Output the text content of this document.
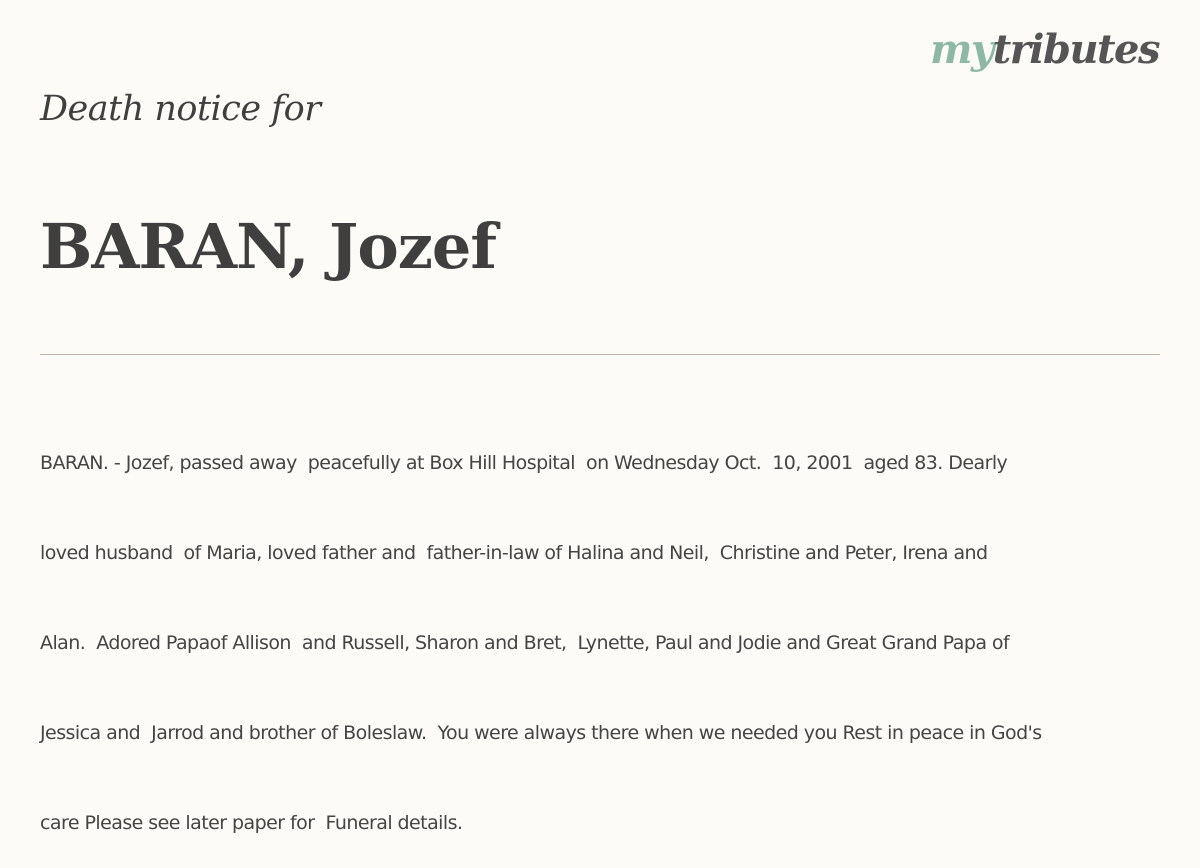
mytributes
Death notice for
BARAN, Jozef

BARAN. - Jozef, passed away  peacefully at Box Hill Hospital  on Wednesday Oct.  10, 2001  aged 83. Dearly

loved husband  of Maria, loved father and  father-in-law of Halina and Neil,  Christine and Peter, Irena and

Alan.  Adored Papaof Allison  and Russell, Sharon and Bret,  Lynette, Paul and Jodie and Great Grand Papa of

Jessica and  Jarrod and brother of Boleslaw.  You were always there when we needed you Rest in peace in God's

care Please see later paper for  Funeral details.
